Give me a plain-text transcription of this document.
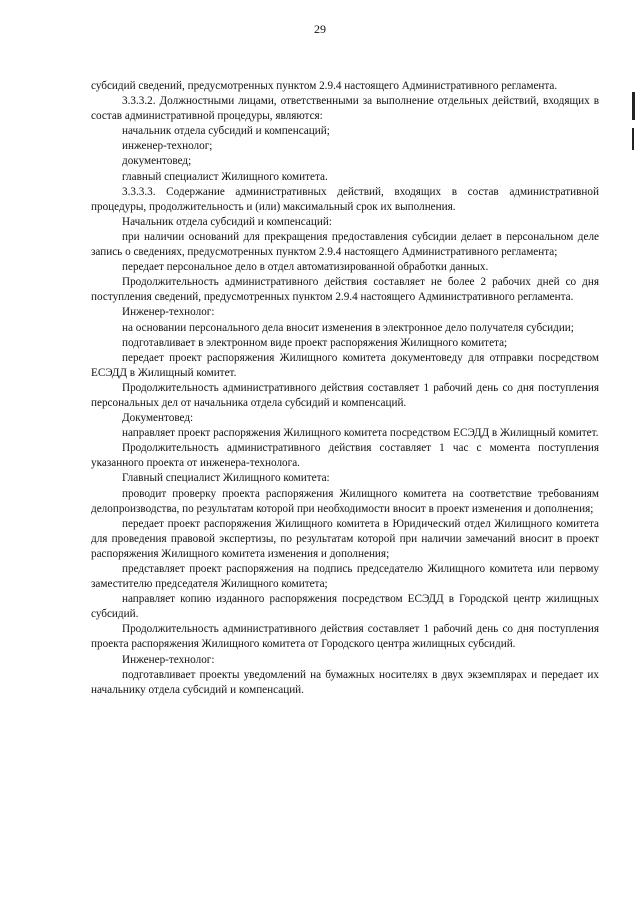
29

субсидий сведений, предусмотренных пунктом 2.9.4 настоящего Административного регламента.

3.3.3.2. Должностными лицами, ответственными за выполнение отдельных действий, входящих в состав административной процедуры, являются:

начальник отдела субсидий и компенсаций;

инженер-технолог;

документовед;

главный специалист Жилищного комитета.

3.3.3.3. Содержание административных действий, входящих в состав административной процедуры, продолжительность и (или) максимальный срок их выполнения.

Начальник отдела субсидий и компенсаций:

при наличии оснований для прекращения предоставления субсидии делает в персональном деле запись о сведениях, предусмотренных пунктом 2.9.4 настоящего Административного регламента;

передает персональное дело в отдел автоматизированной обработки данных.

Продолжительность административного действия составляет не более 2 рабочих дней со дня поступления сведений, предусмотренных пунктом 2.9.4 настоящего Административного регламента.

Инженер-технолог:

на основании персонального дела вносит изменения в электронное дело получателя субсидии;

подготавливает в электронном виде проект распоряжения Жилищного комитета;

передает проект распоряжения Жилищного комитета документоведу для отправки посредством ЕСЭДД в Жилищный комитет.

Продолжительность административного действия составляет 1 рабочий день со дня поступления персональных дел от начальника отдела субсидий и компенсаций.

Документовед:

направляет проект распоряжения Жилищного комитета посредством ЕСЭДД в Жилищный комитет.

Продолжительность административного действия составляет 1 час с момента поступления указанного проекта от инженера-технолога.

Главный специалист Жилищного комитета:

проводит проверку проекта распоряжения Жилищного комитета на соответствие требованиям делопроизводства, по результатам которой при необходимости вносит в проект изменения и дополнения;

передает проект распоряжения Жилищного комитета в Юридический отдел Жилищного комитета для проведения правовой экспертизы, по результатам которой при наличии замечаний вносит в проект распоряжения Жилищного комитета изменения и дополнения;

представляет проект распоряжения на подпись председателю Жилищного комитета или первому заместителю председателя Жилищного комитета;

направляет копию изданного распоряжения посредством ЕСЭДД в Городской центр жилищных субсидий.

Продолжительность административного действия составляет 1 рабочий день со дня поступления проекта распоряжения Жилищного комитета от Городского центра жилищных субсидий.

Инженер-технолог:

подготавливает проекты уведомлений на бумажных носителях в двух экземплярах и передает их начальнику отдела субсидий и компенсаций.
